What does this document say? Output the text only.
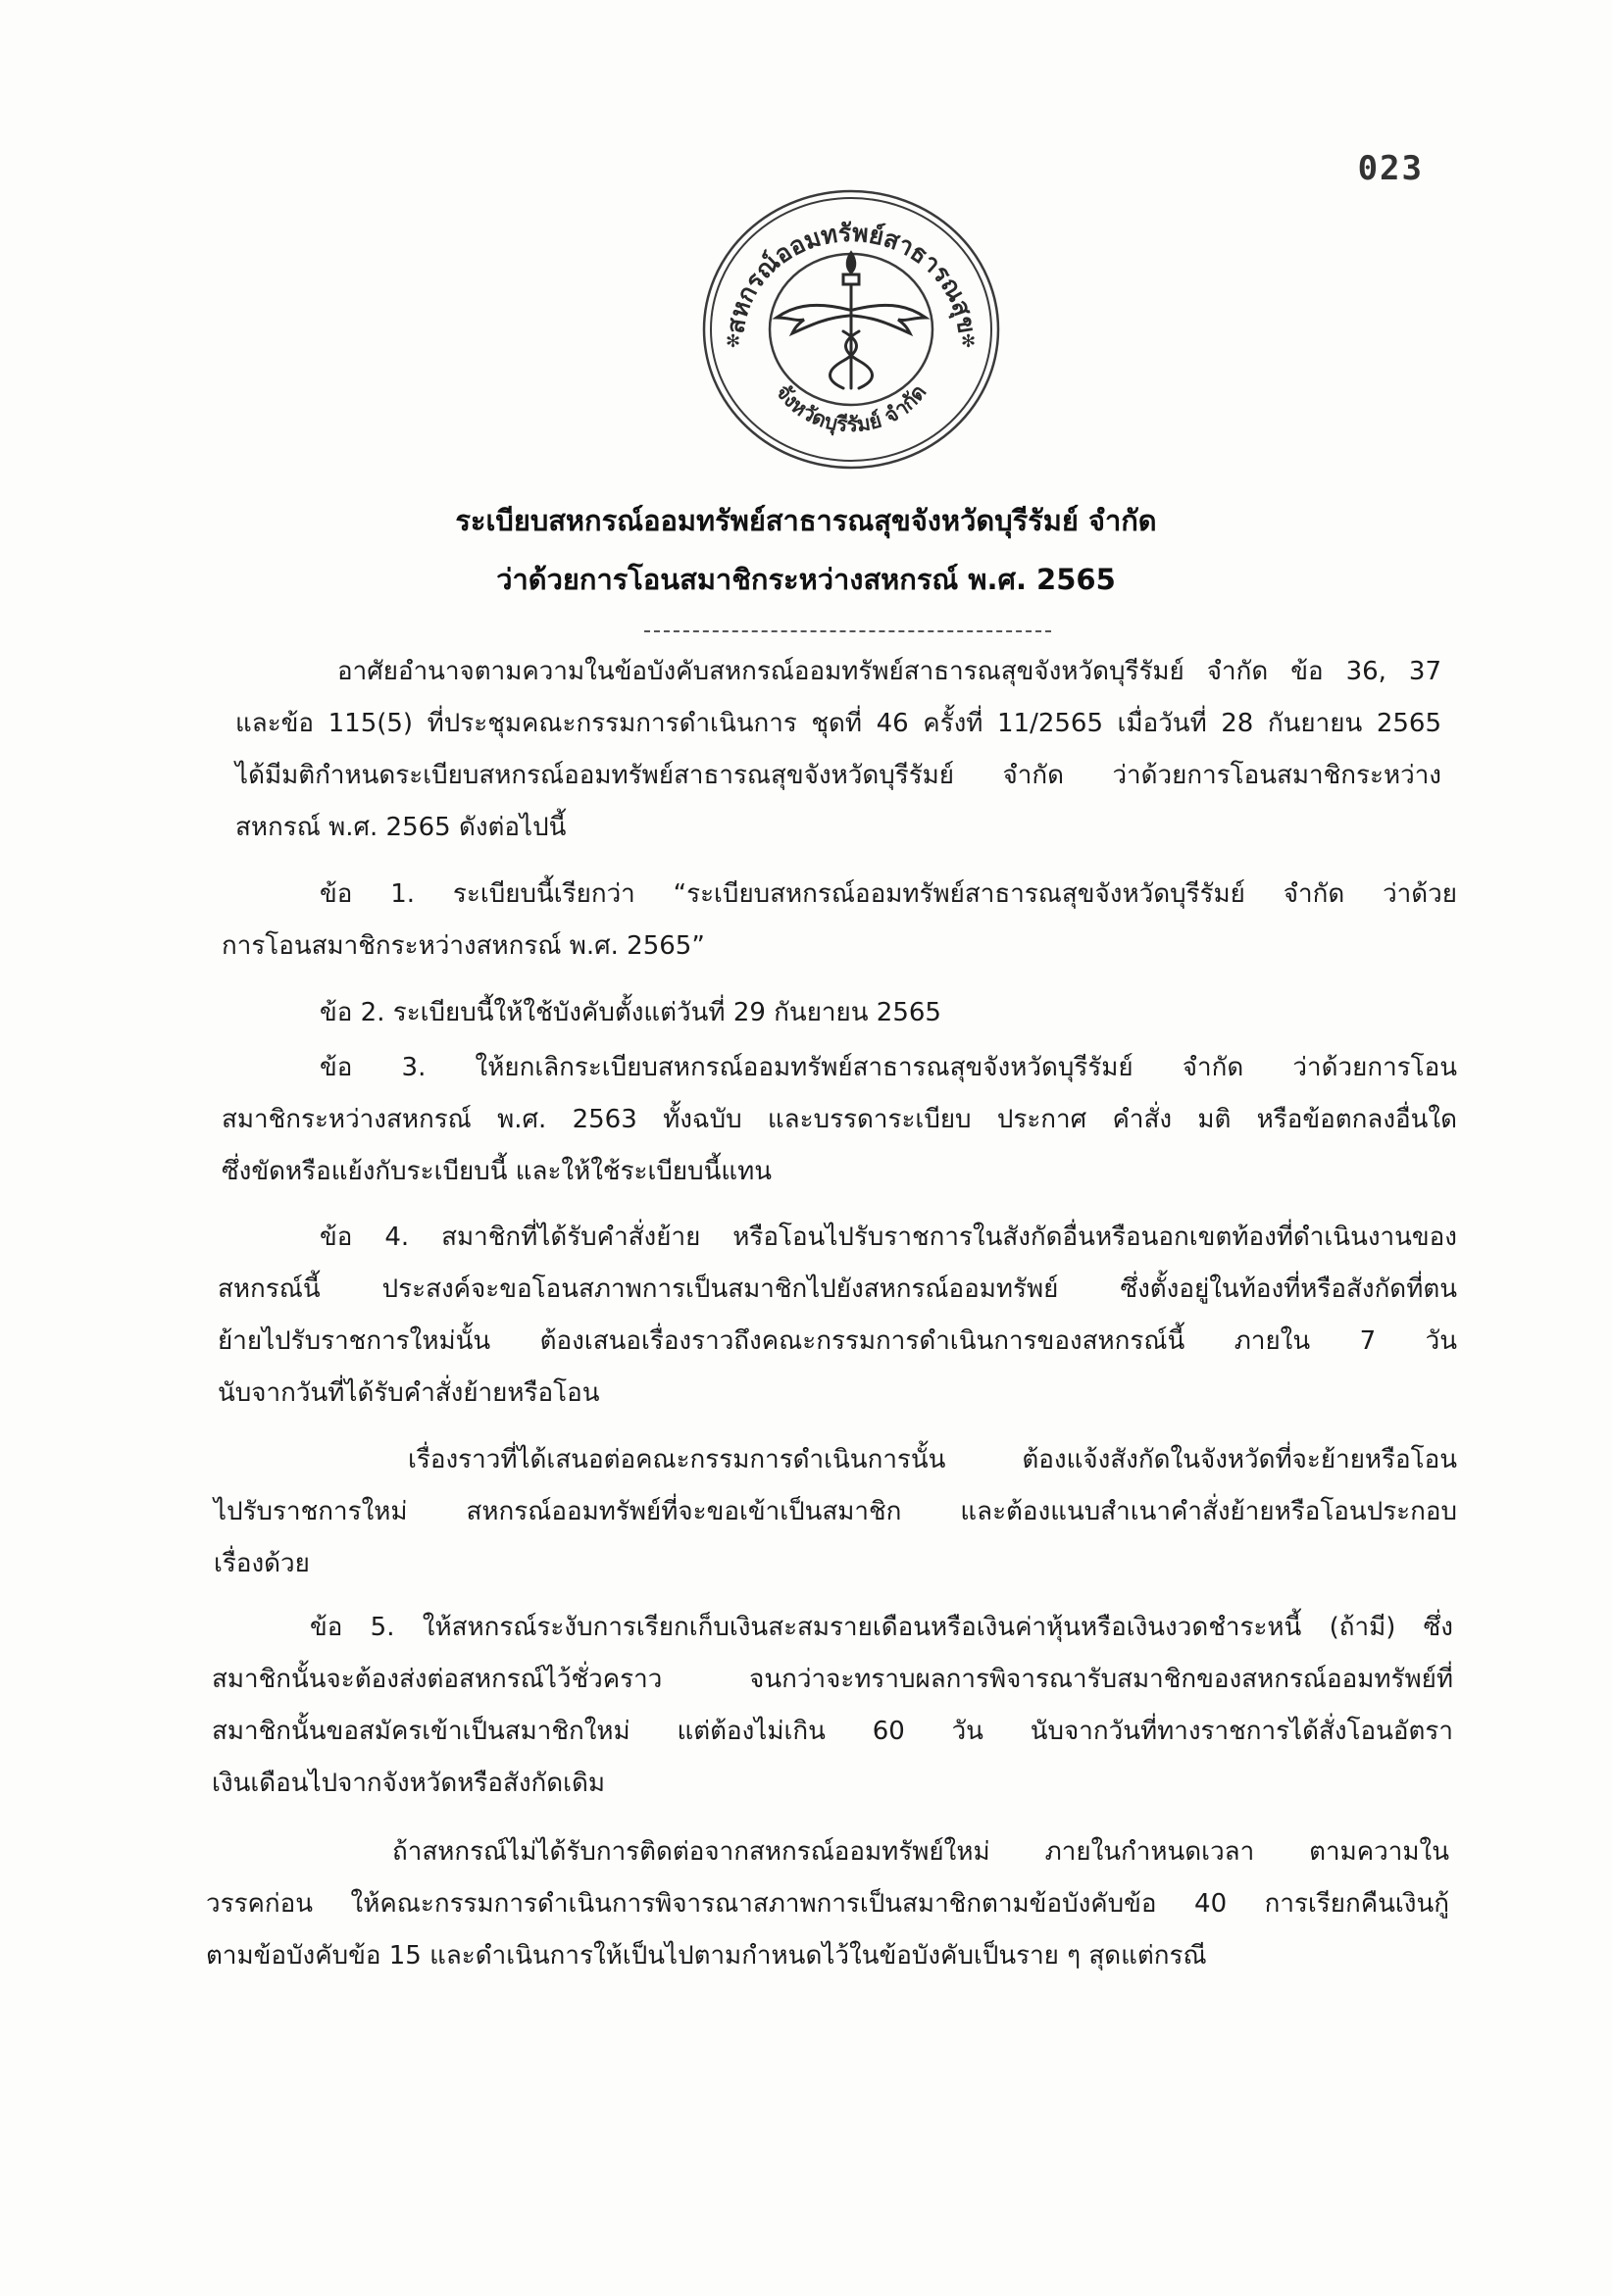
023
สหกรณ์ออมทรัพย์สาธารณสุข
จังหวัดบุรีรัมย์ จำกัด
✻	✻
ระเบียบสหกรณ์ออมทรัพย์สาธารณสุขจังหวัดบุรีรัมย์ จำกัด
ว่าด้วยการโอนสมาชิกระหว่างสหกรณ์ พ.ศ. 2565
อาศัยอำนาจตามความในข้อบังคับสหกรณ์ออมทรัพย์สาธารณสุขจังหวัดบุรีรัมย์ จำกัด ข้อ 36, 37
และข้อ 115(5) ที่ประชุมคณะกรรมการดำเนินการ ชุดที่ 46 ครั้งที่ 11/2565 เมื่อวันที่ 28 กันยายน 2565
ได้มีมติกำหนดระเบียบสหกรณ์ออมทรัพย์สาธารณสุขจังหวัดบุรีรัมย์ จำกัด ว่าด้วยการโอนสมาชิกระหว่าง
สหกรณ์ พ.ศ. 2565 ดังต่อไปนี้
ข้อ 1. ระเบียบนี้เรียกว่า “ระเบียบสหกรณ์ออมทรัพย์สาธารณสุขจังหวัดบุรีรัมย์ จำกัด ว่าด้วย
การโอนสมาชิกระหว่างสหกรณ์ พ.ศ. 2565”
ข้อ 2. ระเบียบนี้ให้ใช้บังคับตั้งแต่วันที่ 29 กันยายน 2565
ข้อ 3. ให้ยกเลิกระเบียบสหกรณ์ออมทรัพย์สาธารณสุขจังหวัดบุรีรัมย์ จำกัด ว่าด้วยการโอน
สมาชิกระหว่างสหกรณ์ พ.ศ. 2563 ทั้งฉบับ และบรรดาระเบียบ ประกาศ คำสั่ง มติ หรือข้อตกลงอื่นใด
ซึ่งขัดหรือแย้งกับระเบียบนี้ และให้ใช้ระเบียบนี้แทน
ข้อ 4. สมาชิกที่ได้รับคำสั่งย้าย หรือโอนไปรับราชการในสังกัดอื่นหรือนอกเขตท้องที่ดำเนินงานของ
สหกรณ์นี้ ประสงค์จะขอโอนสภาพการเป็นสมาชิกไปยังสหกรณ์ออมทรัพย์ ซึ่งตั้งอยู่ในท้องที่หรือสังกัดที่ตน
ย้ายไปรับราชการใหม่นั้น ต้องเสนอเรื่องราวถึงคณะกรรมการดำเนินการของสหกรณ์นี้ ภายใน 7 วัน
นับจากวันที่ได้รับคำสั่งย้ายหรือโอน
เรื่องราวที่ได้เสนอต่อคณะกรรมการดำเนินการนั้น ต้องแจ้งสังกัดในจังหวัดที่จะย้ายหรือโอน
ไปรับราชการใหม่ สหกรณ์ออมทรัพย์ที่จะขอเข้าเป็นสมาชิก และต้องแนบสำเนาคำสั่งย้ายหรือโอนประกอบ
เรื่องด้วย
ข้อ 5. ให้สหกรณ์ระงับการเรียกเก็บเงินสะสมรายเดือนหรือเงินค่าหุ้นหรือเงินงวดชำระหนี้ (ถ้ามี) ซึ่ง
สมาชิกนั้นจะต้องส่งต่อสหกรณ์ไว้ชั่วคราว จนกว่าจะทราบผลการพิจารณารับสมาชิกของสหกรณ์ออมทรัพย์ที่
สมาชิกนั้นขอสมัครเข้าเป็นสมาชิกใหม่ แต่ต้องไม่เกิน 60 วัน นับจากวันที่ทางราชการได้สั่งโอนอัตรา
เงินเดือนไปจากจังหวัดหรือสังกัดเดิม
ถ้าสหกรณ์ไม่ได้รับการติดต่อจากสหกรณ์ออมทรัพย์ใหม่ ภายในกำหนดเวลา ตามความใน
วรรคก่อน ให้คณะกรรมการดำเนินการพิจารณาสภาพการเป็นสมาชิกตามข้อบังคับข้อ 40 การเรียกคืนเงินกู้
ตามข้อบังคับข้อ 15 และดำเนินการให้เป็นไปตามกำหนดไว้ในข้อบังคับเป็นราย ๆ สุดแต่กรณี
